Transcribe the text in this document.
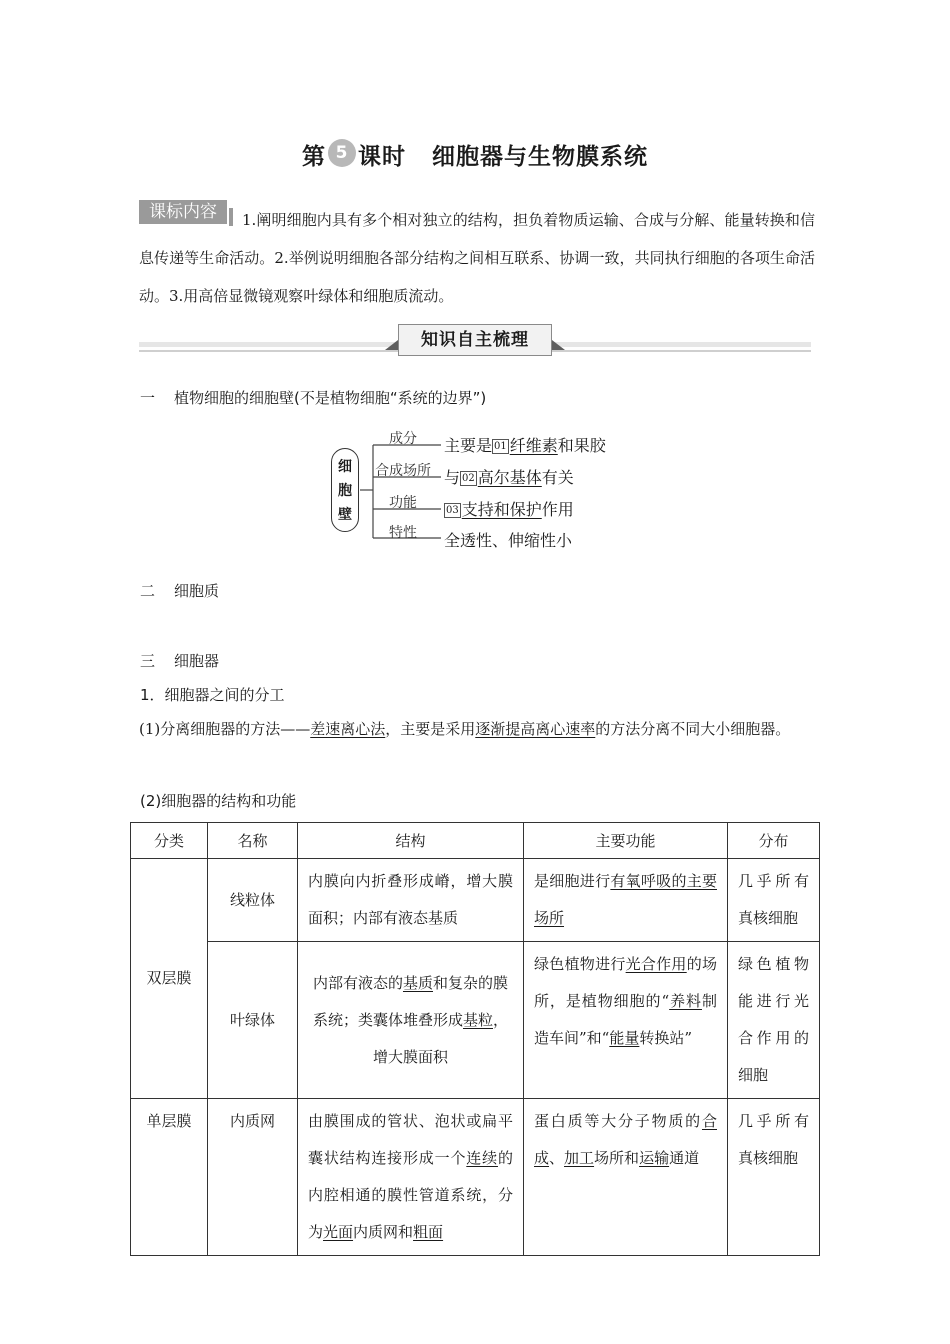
第 5 课时 细胞器与生物膜系统
1.阐明细胞内具有多个相对独立的结构，担负着物质运输、合成与分解、能量转换和信息传递等生命活动。2.举例说明细胞各部分结构之间相互联系、协调一致，共同执行细胞的各项生命活动。3.用高倍显微镜观察叶绿体和细胞质流动。
课标内容
知识自主梳理
一 植物细胞的细胞壁(不是植物细胞“系统的边界”)
细
胞
壁
成分
合成场所
功能
特性
主要是 01 纤维素和果胶
与 02 高尔基体有关
03 支持和保护作用
全透性、伸缩性小
二 细胞质
三 细胞器
1．细胞器之间的分工
(1)分离细胞器的方法——差速离心法，主要是采用逐渐提高离心速率的方法分离不同大小细胞器。
(2)细胞器的结构和功能
分类	名称	结构	主要功能	分布
双层膜	线粒体	内膜向内折叠形成嵴，增大膜面积；内部有液态基质	是细胞进行有氧呼吸的主要场所	几乎所有真核细胞
	叶绿体	内部有液态的基质和复杂的膜系统；类囊体堆叠形成基粒，增大膜面积	绿色植物进行光合作用的场所，是植物细胞的“养料制造车间”和“能量转换站”	绿色植物能进行光合作用的细胞
单层膜	内质网	由膜围成的管状、泡状或扁平囊状结构连接形成一个连续的内腔相通的膜性管道系统，分为光面内质网和粗面	蛋白质等大分子物质的合成、加工场所和运输通道	几乎所有真核细胞
